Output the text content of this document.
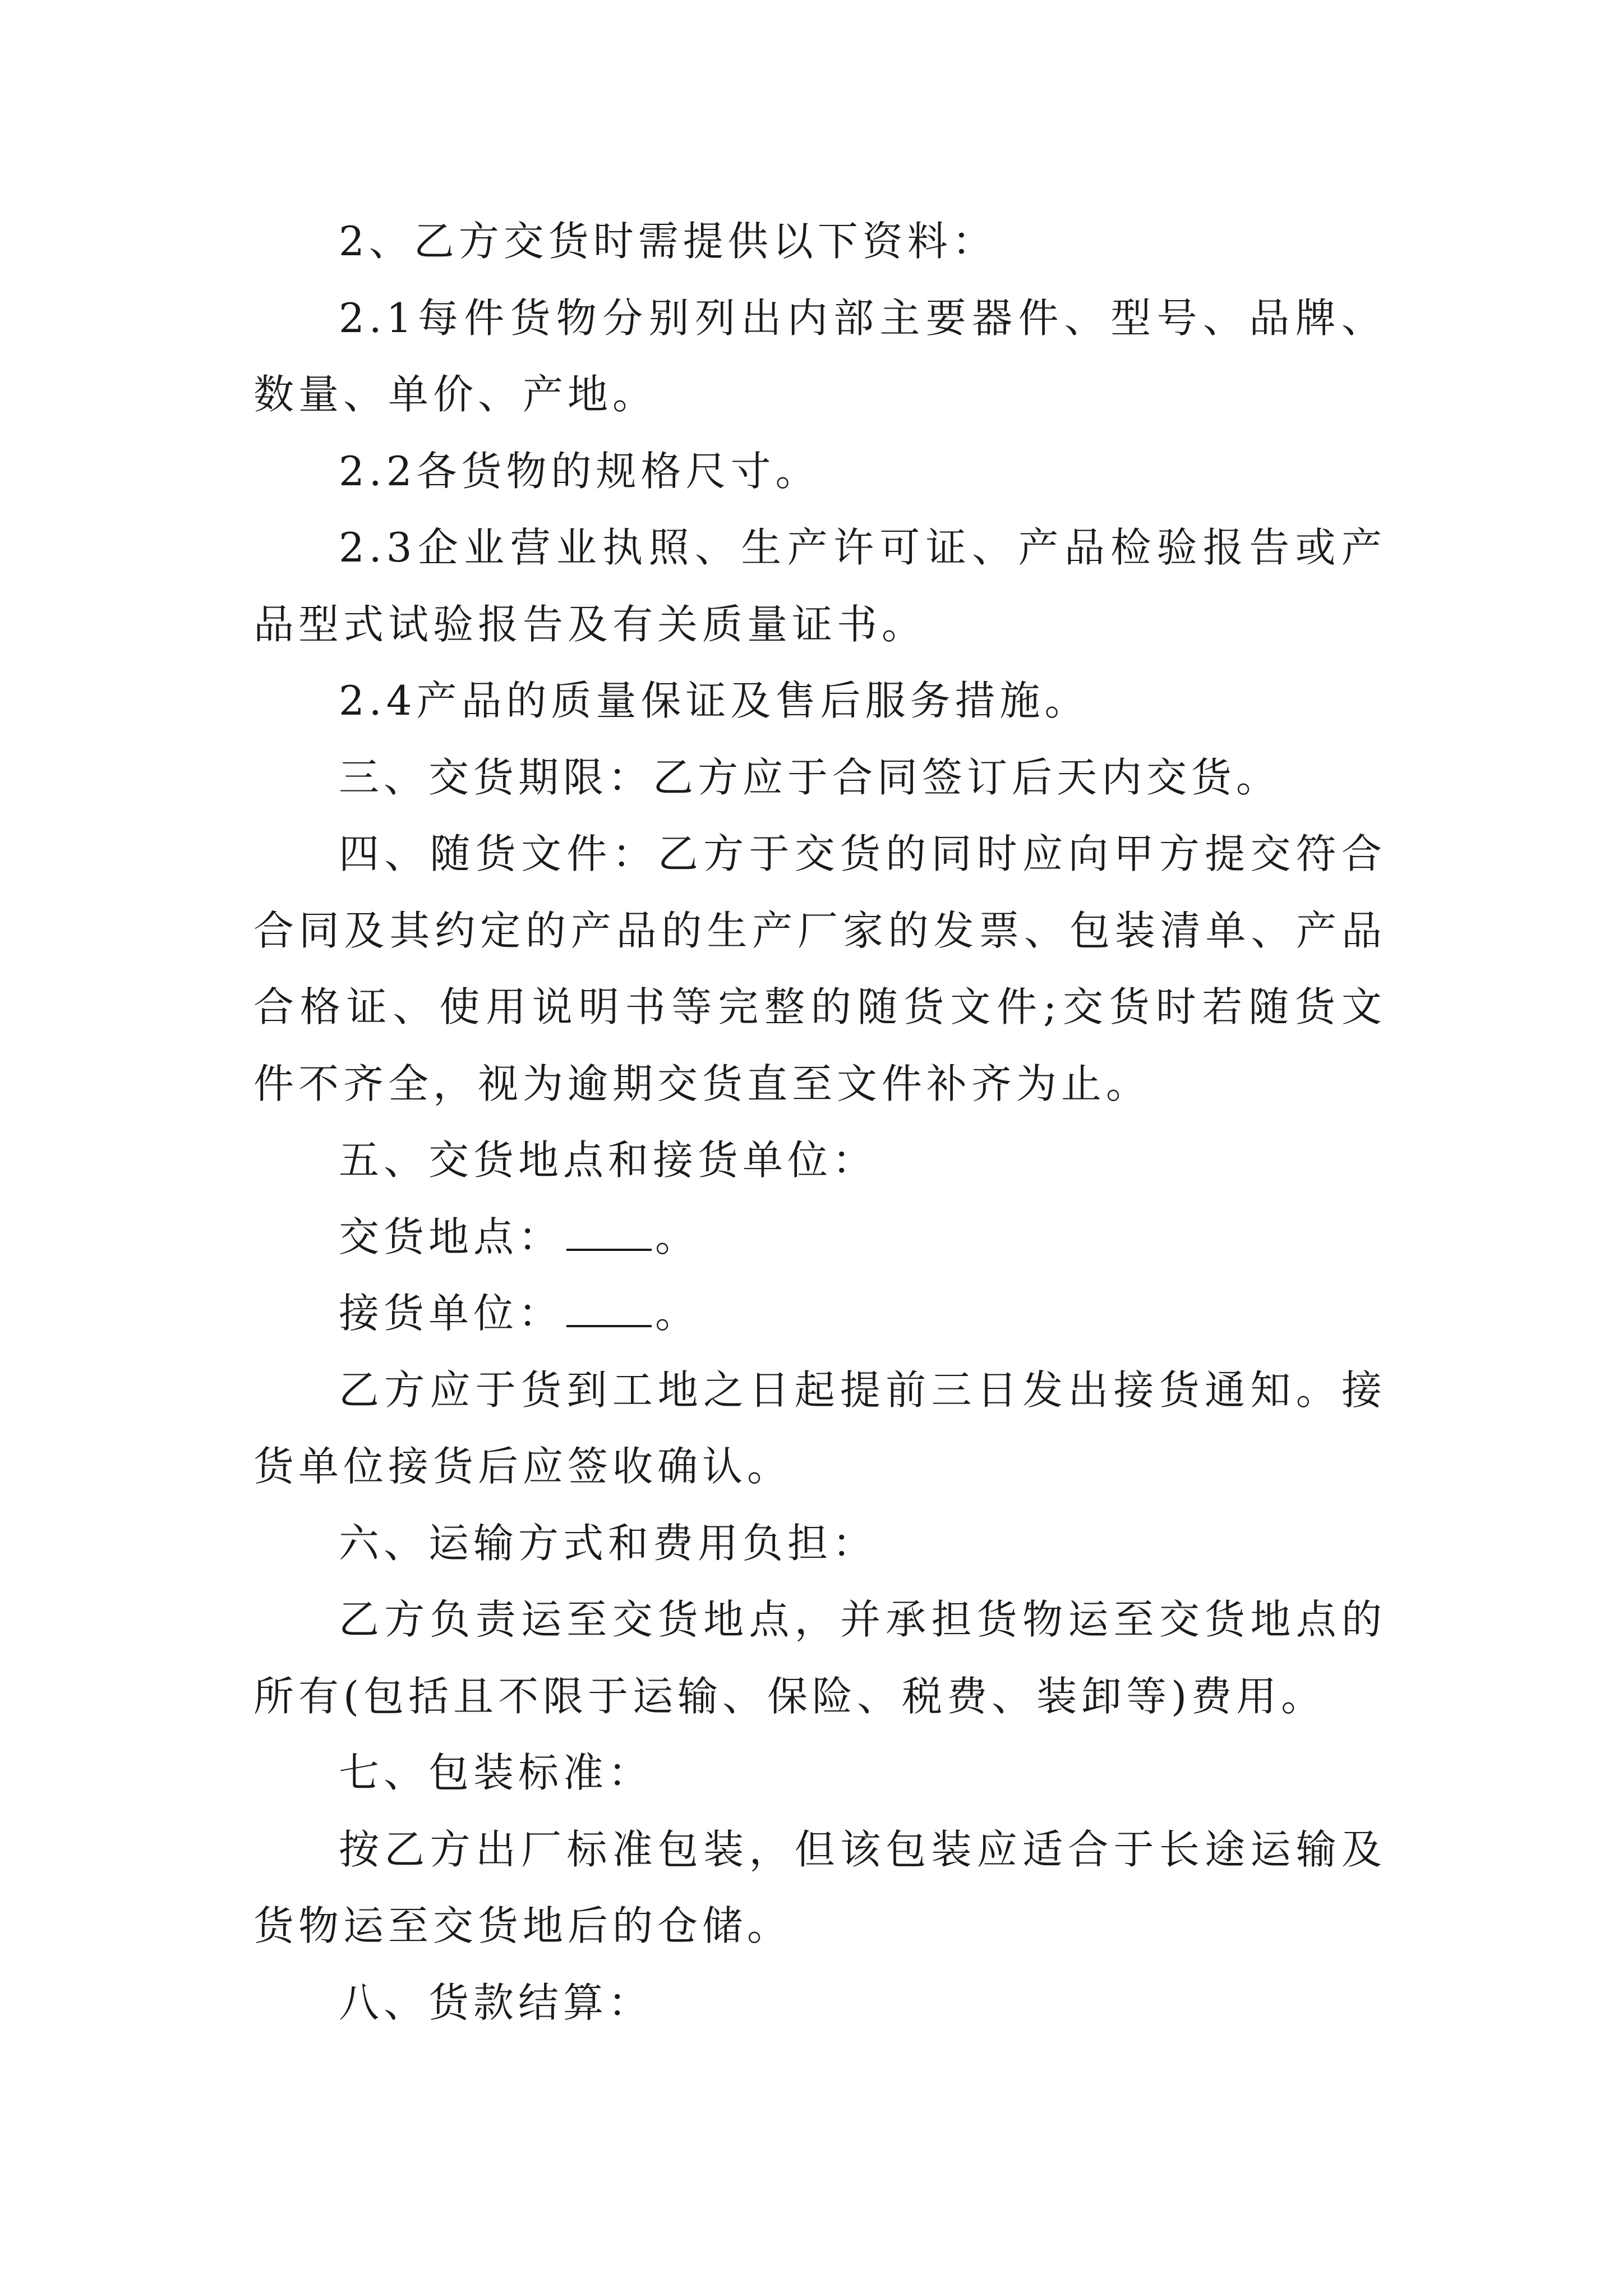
2、乙方交货时需提供以下资料：

2.1每件货物分别列出内部主要器件、型号、品牌、数量、单价、产地。

2.2各货物的规格尺寸。

2.3企业营业执照、生产许可证、产品检验报告或产品型式试验报告及有关质量证书。

2.4产品的质量保证及售后服务措施。

三、交货期限：乙方应于合同签订后天内交货。

四、随货文件：乙方于交货的同时应向甲方提交符合合同及其约定的产品的生产厂家的发票、包装清单、产品合格证、使用说明书等完整的随货文件;交货时若随货文件不齐全，视为逾期交货直至文件补齐为止。

五、交货地点和接货单位：

交货地点： 。

接货单位： 。

乙方应于货到工地之日起提前三日发出接货通知。接货单位接货后应签收确认。

六、运输方式和费用负担：

乙方负责运至交货地点，并承担货物运至交货地点的所有(包括且不限于运输、保险、税费、装卸等)费用。

七、包装标准：

按乙方出厂标准包装，但该包装应适合于长途运输及货物运至交货地后的仓储。

八、货款结算：
